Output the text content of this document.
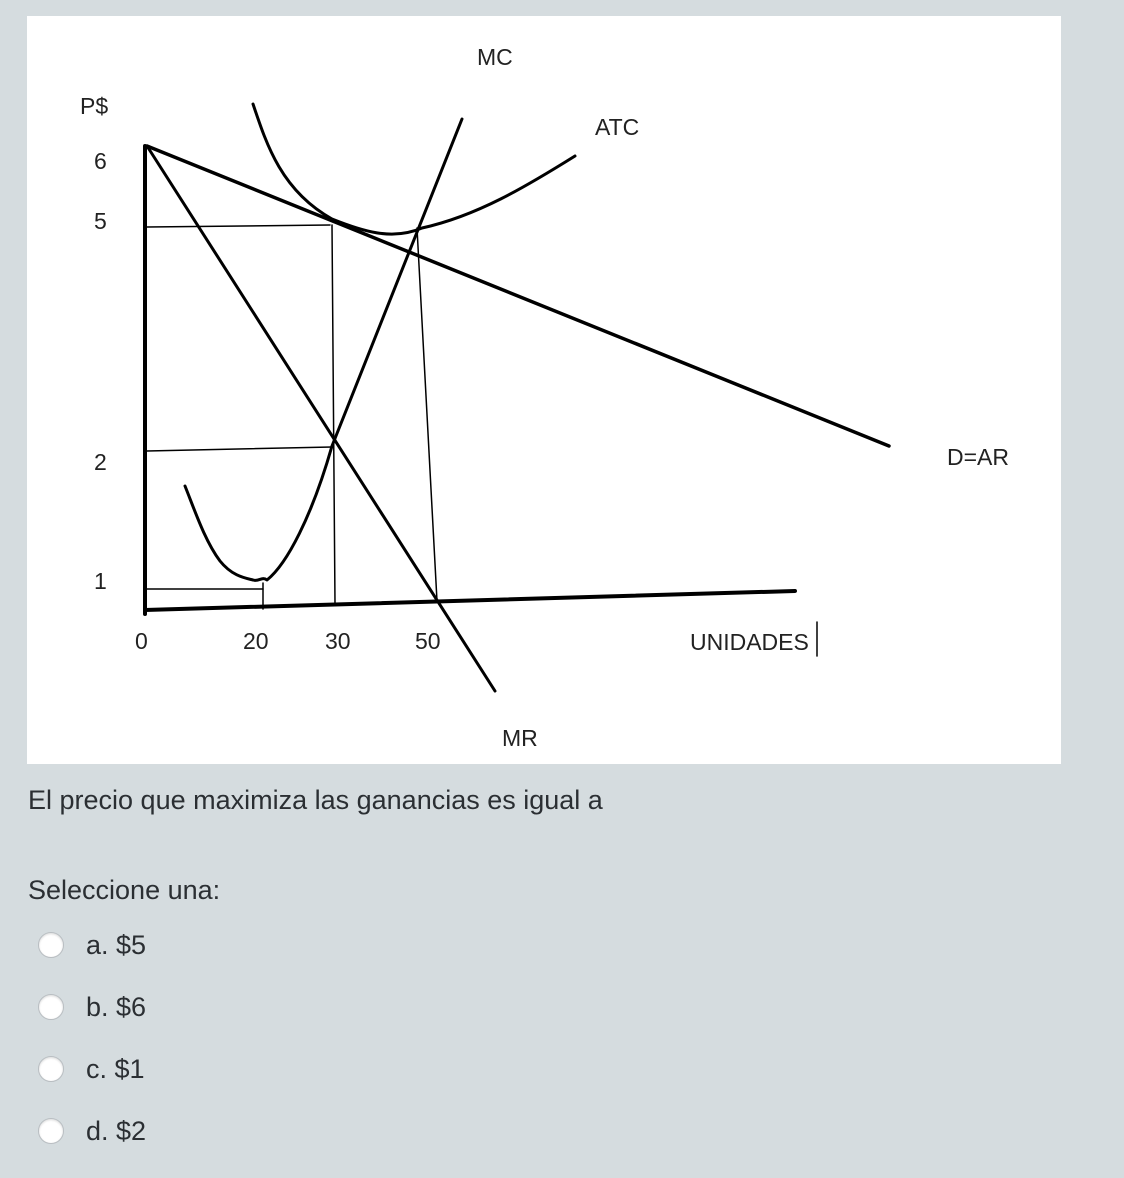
MC
ATC
D=AR
MR
UNIDADES
P$
6
5
2
1
0	20 30	50
El precio que maximiza las ganancias es igual a
Seleccione una:
a. $5
b. $6
c. $1
d. $2
